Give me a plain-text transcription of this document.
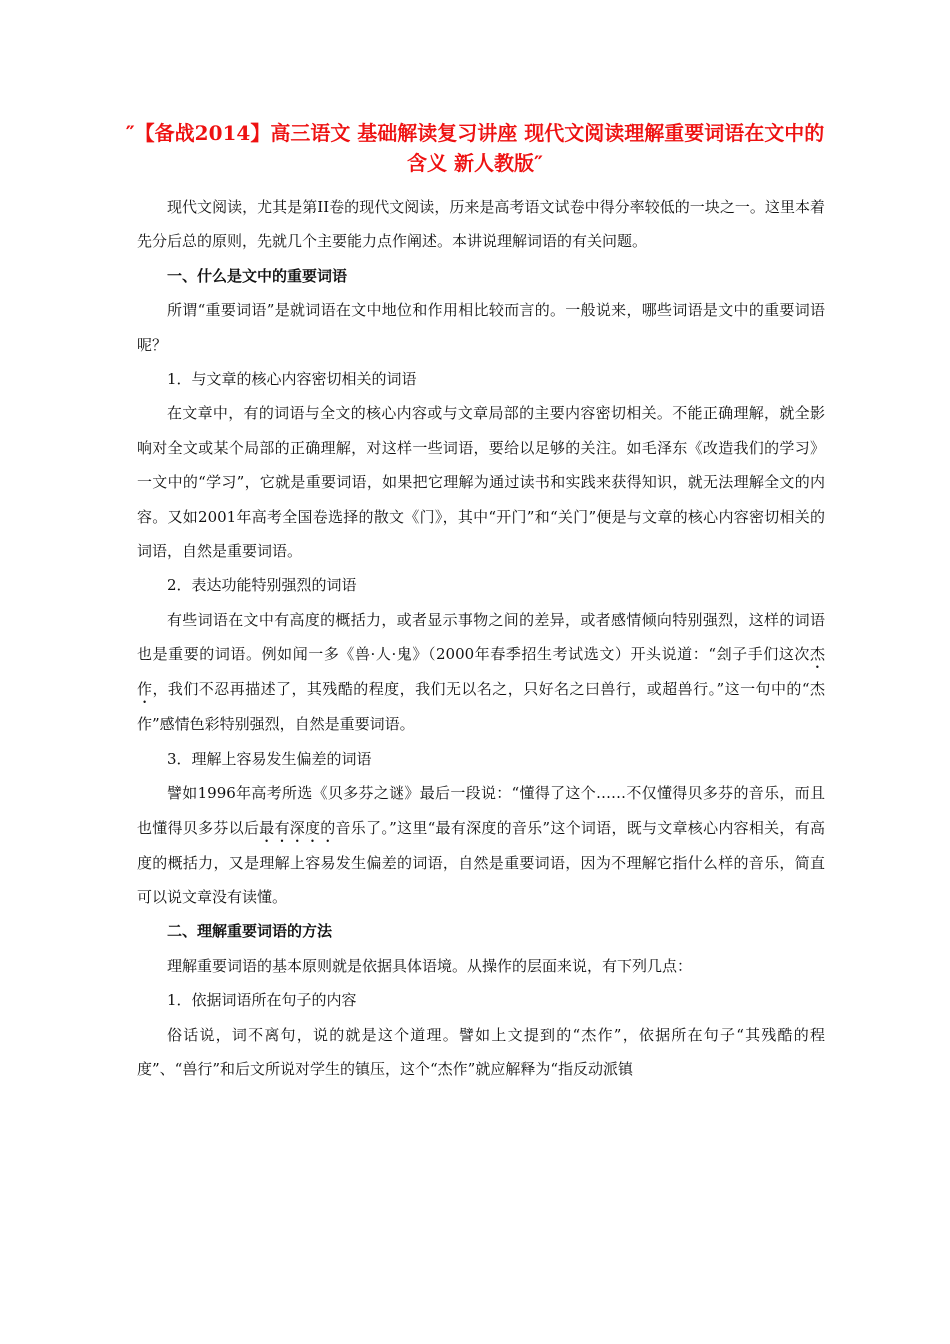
″【备战2014】高三语文 基础解读复习讲座 现代文阅读理解重要词语在文中的含义 新人教版″

现代文阅读，尤其是第II卷的现代文阅读，历来是高考语文试卷中得分率较低的一块之一。这里本着先分后总的原则，先就几个主要能力点作阐述。本讲说理解词语的有关问题。

一、什么是文中的重要词语

所谓“重要词语”是就词语在文中地位和作用相比较而言的。一般说来，哪些词语是文中的重要词语呢？

1．与文章的核心内容密切相关的词语

在文章中，有的词语与全文的核心内容或与文章局部的主要内容密切相关。不能正确理解，就全影响对全文或某个局部的正确理解，对这样一些词语，要给以足够的关注。如毛泽东《改造我们的学习》一文中的“学习”，它就是重要词语，如果把它理解为通过读书和实践来获得知识，就无法理解全文的内容。又如2001年高考全国卷选择的散文《门》，其中“开门”和“关门”便是与文章的核心内容密切相关的词语，自然是重要词语。

2．表达功能特别强烈的词语

有些词语在文中有高度的概括力，或者显示事物之间的差异，或者感情倾向特别强烈，这样的词语也是重要的词语。例如闻一多《兽·人·鬼》（2000年春季招生考试选文）开头说道：“刽子手们这次杰作，我们不忍再描述了，其残酷的程度，我们无以名之，只好名之曰兽行，或超兽行。”这一句中的“杰作”感情色彩特别强烈，自然是重要词语。

3．理解上容易发生偏差的词语

譬如1996年高考所选《贝多芬之谜》最后一段说：“懂得了这个……不仅懂得贝多芬的音乐，而且也懂得贝多芬以后最有深度的音乐了。”这里“最有深度的音乐”这个词语，既与文章核心内容相关，有高度的概括力，又是理解上容易发生偏差的词语，自然是重要词语，因为不理解它指什么样的音乐，简直可以说文章没有读懂。

二、理解重要词语的方法

理解重要词语的基本原则就是依据具体语境。从操作的层面来说，有下列几点：

1．依据词语所在句子的内容

俗话说，词不离句，说的就是这个道理。譬如上文提到的“杰作”，依据所在句子“其残酷的程度”、“兽行”和后文所说对学生的镇压，这个“杰作”就应解释为“指反动派镇
